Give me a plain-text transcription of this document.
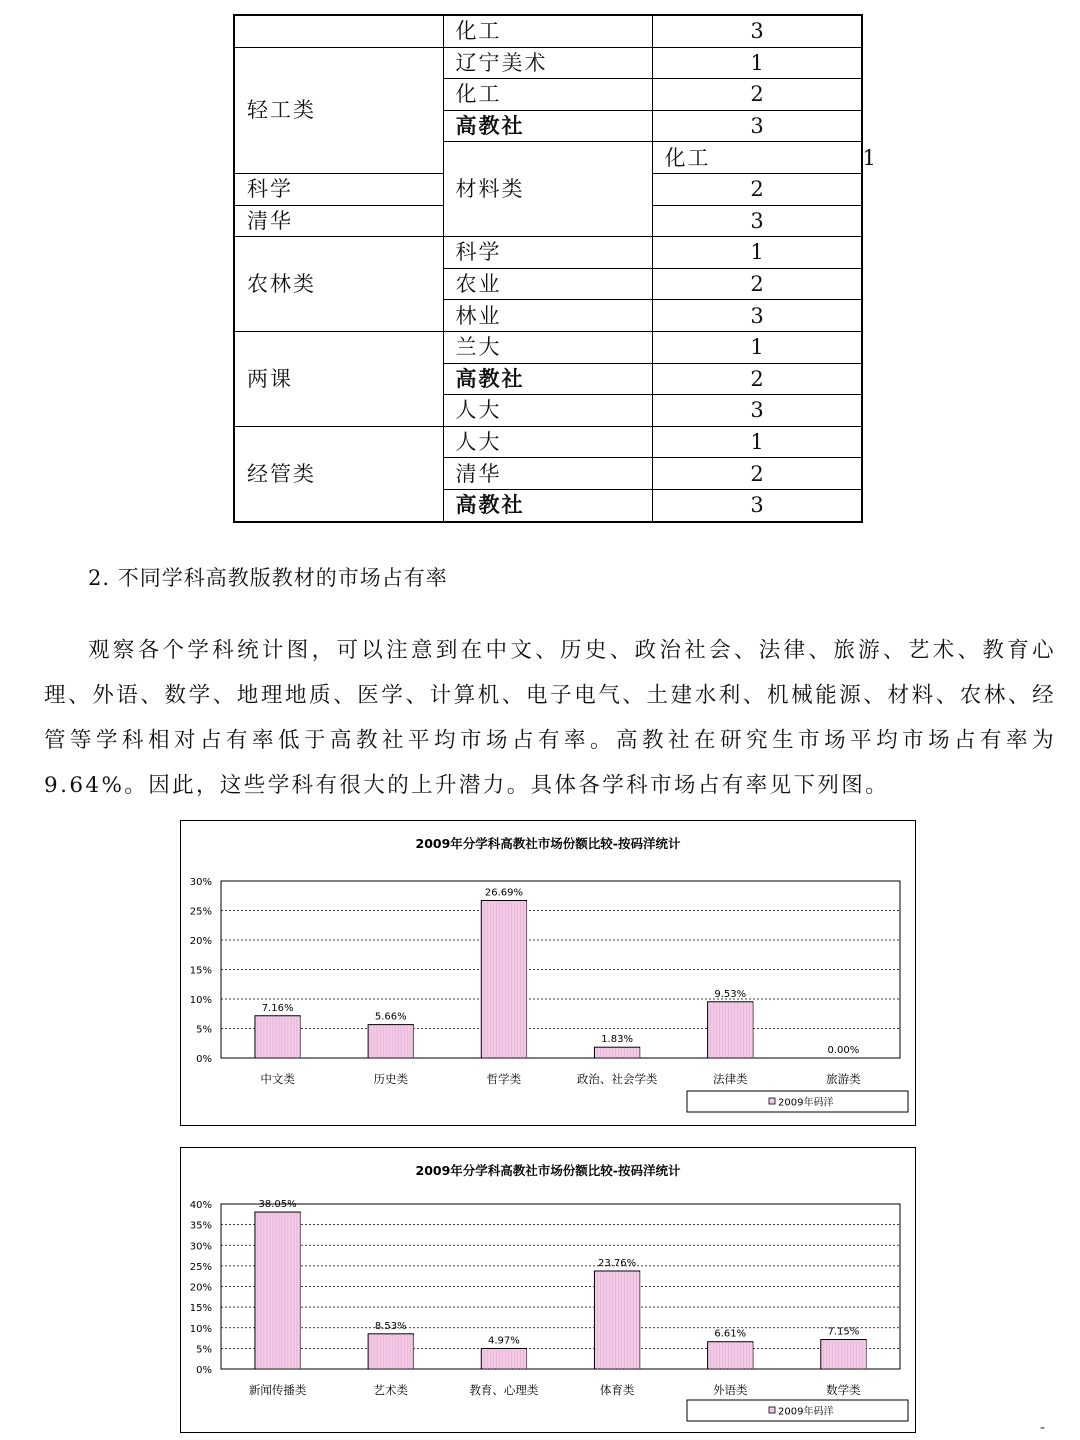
	化工	3	
轻工类	辽宁美术	1	
	化工	2	
	高教社	3	
	材料类	化工	1
科学		2	
清华		3	
农林类	科学	1	
	农业	2	
	林业	3	
两课	兰大	1	
	高教社	2	
	人大	3	
经管类	人大	1	
	清华	2	
	高教社	3	
2. 不同学科高教版教材的市场占有率

观察各个学科统计图，可以注意到在中文、历史、政治社会、法律、旅游、艺术、教育心理、外语、数学、地理地质、医学、计算机、电子电气、土建水利、机械能源、材料、农林、经管等学科相对占有率低于高教社平均市场占有率。高教社在研究生市场平均市场占有率为9.64%。因此，这些学科有很大的上升潜力。具体各学科市场占有率见下列图。

2009年分学科高教社市场份额比较-按码洋统计
0%
5%
10%
15%
20%
25%
30%
7.16%
中文类
5.66%
历史类
26.69%
哲学类
1.83%
政治、社会学类
9.53%
法律类
0.00%
旅游类
2009年码洋
2009年分学科高教社市场份额比较-按码洋统计
0%
5%
10%
15%
20%
25%
30%
35%
40%	38.05%
新闻传播类
8.53%
艺术类
4.97%
教育、心理类
23.76%
体育类
6.61%
外语类
7.15%
数学类
2009年码洋
-
